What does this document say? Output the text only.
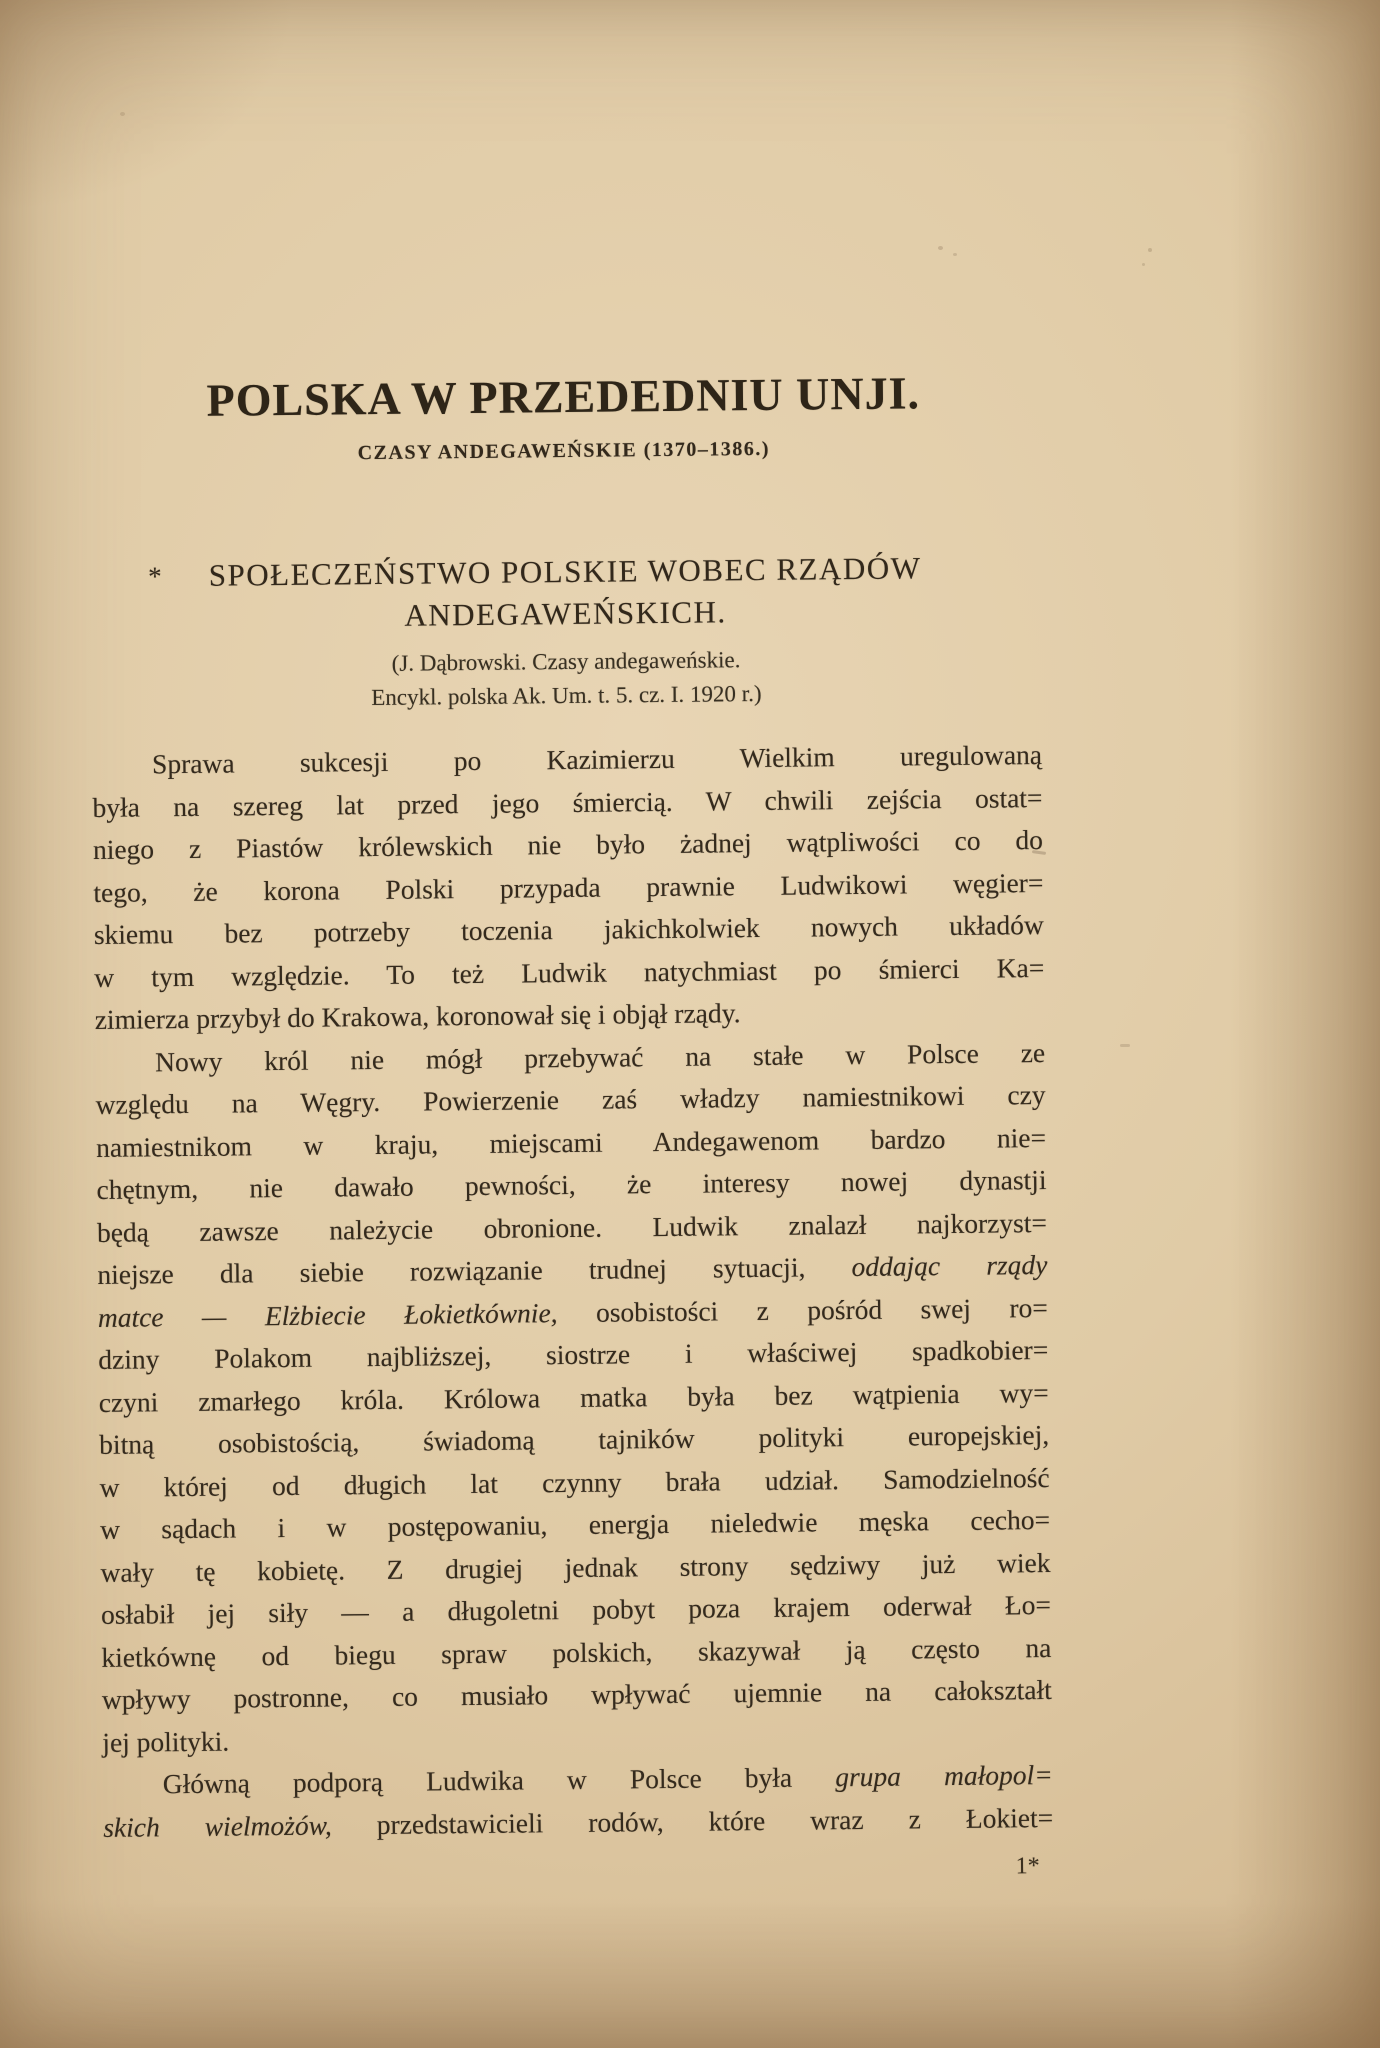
POLSKA W PRZEDEDNIU UNJI.
CZASY ANDEGAWEŃSKIE (1370–1386.)
*	SPOŁECZEŃSTWO POLSKIE WOBEC RZĄDÓW
ANDEGAWEŃSKICH.
(J. Dąbrowski. Czasy andegaweńskie.
Encykl. polska Ak. Um. t. 5. cz. I. 1920 r.)
Sprawa sukcesji po Kazimierzu Wielkim uregulowaną
była na szereg lat przed jego śmiercią. W chwili zejścia ostat=
niego z Piastów królewskich nie było żadnej wątpliwości co do
tego, że korona Polski przypada prawnie Ludwikowi węgier=
skiemu bez potrzeby toczenia jakichkolwiek nowych układów
w tym względzie. To też Ludwik natychmiast po śmierci Ka=
zimierza przybył do Krakowa, koronował się i objął rządy.
Nowy król nie mógł przebywać na stałe w Polsce ze
względu na Węgry. Powierzenie zaś władzy namiestnikowi czy
namiestnikom w kraju, miejscami Andegawenom bardzo nie=
chętnym, nie dawało pewności, że interesy nowej dynastji
będą zawsze należycie obronione. Ludwik znalazł najkorzyst=
niejsze dla siebie rozwiązanie trudnej sytuacji, oddając rządy
matce — Elżbiecie Łokietkównie, osobistości z pośród swej ro=
dziny Polakom najbliższej, siostrze i właściwej spadkobier=
czyni zmarłego króla. Królowa matka była bez wątpienia wy=
bitną osobistością, świadomą tajników polityki europejskiej,
w której od długich lat czynny brała udział. Samodzielność
w sądach i w postępowaniu, energja nieledwie męska cecho=
wały tę kobietę. Z drugiej jednak strony sędziwy już wiek
osłabił jej siły — a długoletni pobyt poza krajem oderwał Ło=
kietkównę od biegu spraw polskich, skazywał ją często na
wpływy postronne, co musiało wpływać ujemnie na całokształt
jej polityki.
Główną podporą Ludwika w Polsce była grupa małopol=
skich wielmożów, przedstawicieli rodów, które wraz z Łokiet=
1*
